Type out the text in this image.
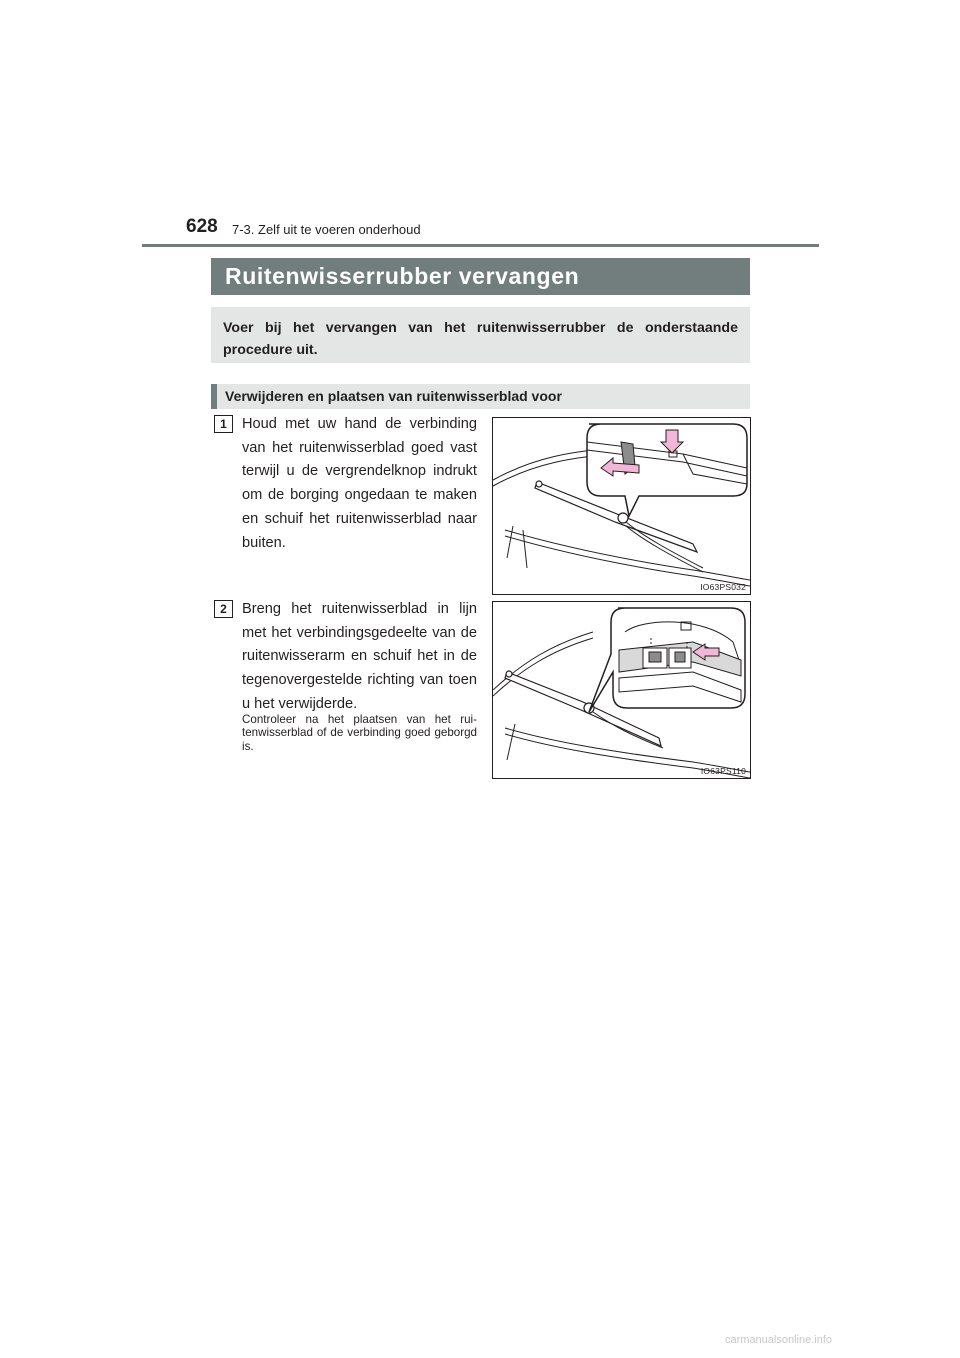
628 7-3. Zelf uit te voeren onderhoud
Ruitenwisserrubber vervangen
Voer bij het vervangen van het ruitenwisserrubber de onderstaande procedure uit.
Verwijderen en plaatsen van ruitenwisserblad voor
1	Houd met uw hand de verbinding van het ruitenwisserblad goed vast terwijl u de vergrendelknop indrukt om de borging ongedaan te maken en schuif het ruitenwisserblad naar buiten.
IO63PS032
2	Breng het ruitenwisserblad in lijn met het verbindingsgedeelte van de ruitenwisserarm en schuif het in de tegenovergestelde richting van toen u het verwijderde.
Controleer na het plaatsen van het rui-tenwisserblad of de verbinding goed geborgd is.
IO63PS110
carmanualsonline.info
